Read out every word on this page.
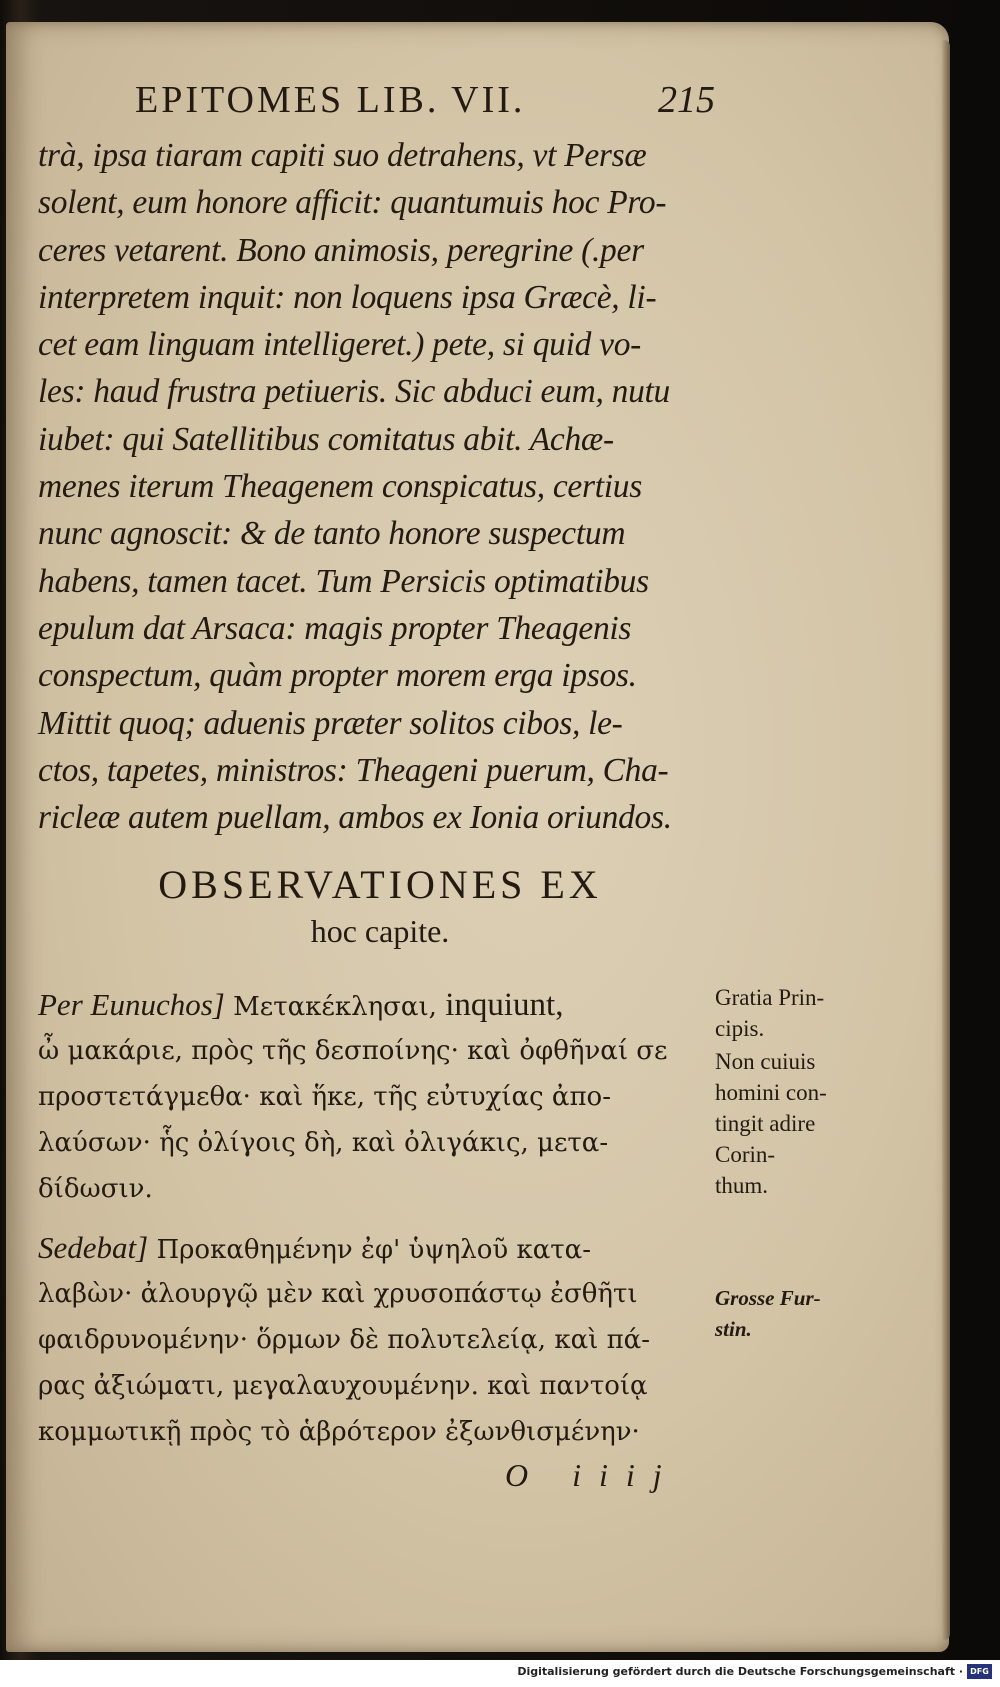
EPITOMES LIB. VII.	215
trà, ipsa tiaram capiti suo detrahens, vt Persæ
solent, eum honore afficit: quantumuis hoc Pro-
ceres vetarent. Bono animosis, peregrine (.per
interpretem inquit: non loquens ipsa Græcè, li-
cet eam linguam intelligeret.) pete, si quid vo-
les: haud frustra petiueris. Sic abduci eum, nutu
iubet: qui Satellitibus comitatus abit. Achæ-
menes iterum Theagenem conspicatus, certius
nunc agnoscit: & de tanto honore suspectum
habens, tamen tacet. Tum Persicis optimatibus
epulum dat Arsaca: magis propter Theagenis
conspectum, quàm propter morem erga ipsos.
Mittit quoq; aduenis præter solitos cibos, le-
ctos, tapetes, ministros: Theageni puerum, Cha-
ricleæ autem puellam, ambos ex Ionia oriundos.
OBSERVATIONES EX
hoc capite.
Per Eunuchos] Μετακέκλησαι, inquiunt,
ὦ μακάριε, πρὸς τῆς δεσποίνης· καὶ ὀφθῆναί σε
προστετάγμεθα· καὶ ἥκε, τῆς εὐτυχίας ἀπο-
λαύσων· ἧς ὀλίγοις δὴ, καὶ ὀλιγάκις, μετα-
δίδωσιν.
Sedebat] Προκαθημένην ἐφ' ὑψηλοῦ κατα-
λαβὼν· ἀλουργῷ μὲν καὶ χρυσοπάστῳ ἐσθῆτι
φαιδρυνομένην· ὅρμων δὲ πολυτελείᾳ, καὶ πά-
ρας ἀξιώματι, μεγαλαυχουμένην. καὶ παντοίᾳ
κομμωτικῇ πρὸς τὸ ἁβρότερον ἐξωνθισμένην·
Gratia Prin-
cipis.
Non cuiuis
homini con-
tingit adire
Corin-
thum.
Grosse Fur-
stin.
O iiij
Digitalisierung gefördert durch die Deutsche Forschungsgemeinschaft · DFG
